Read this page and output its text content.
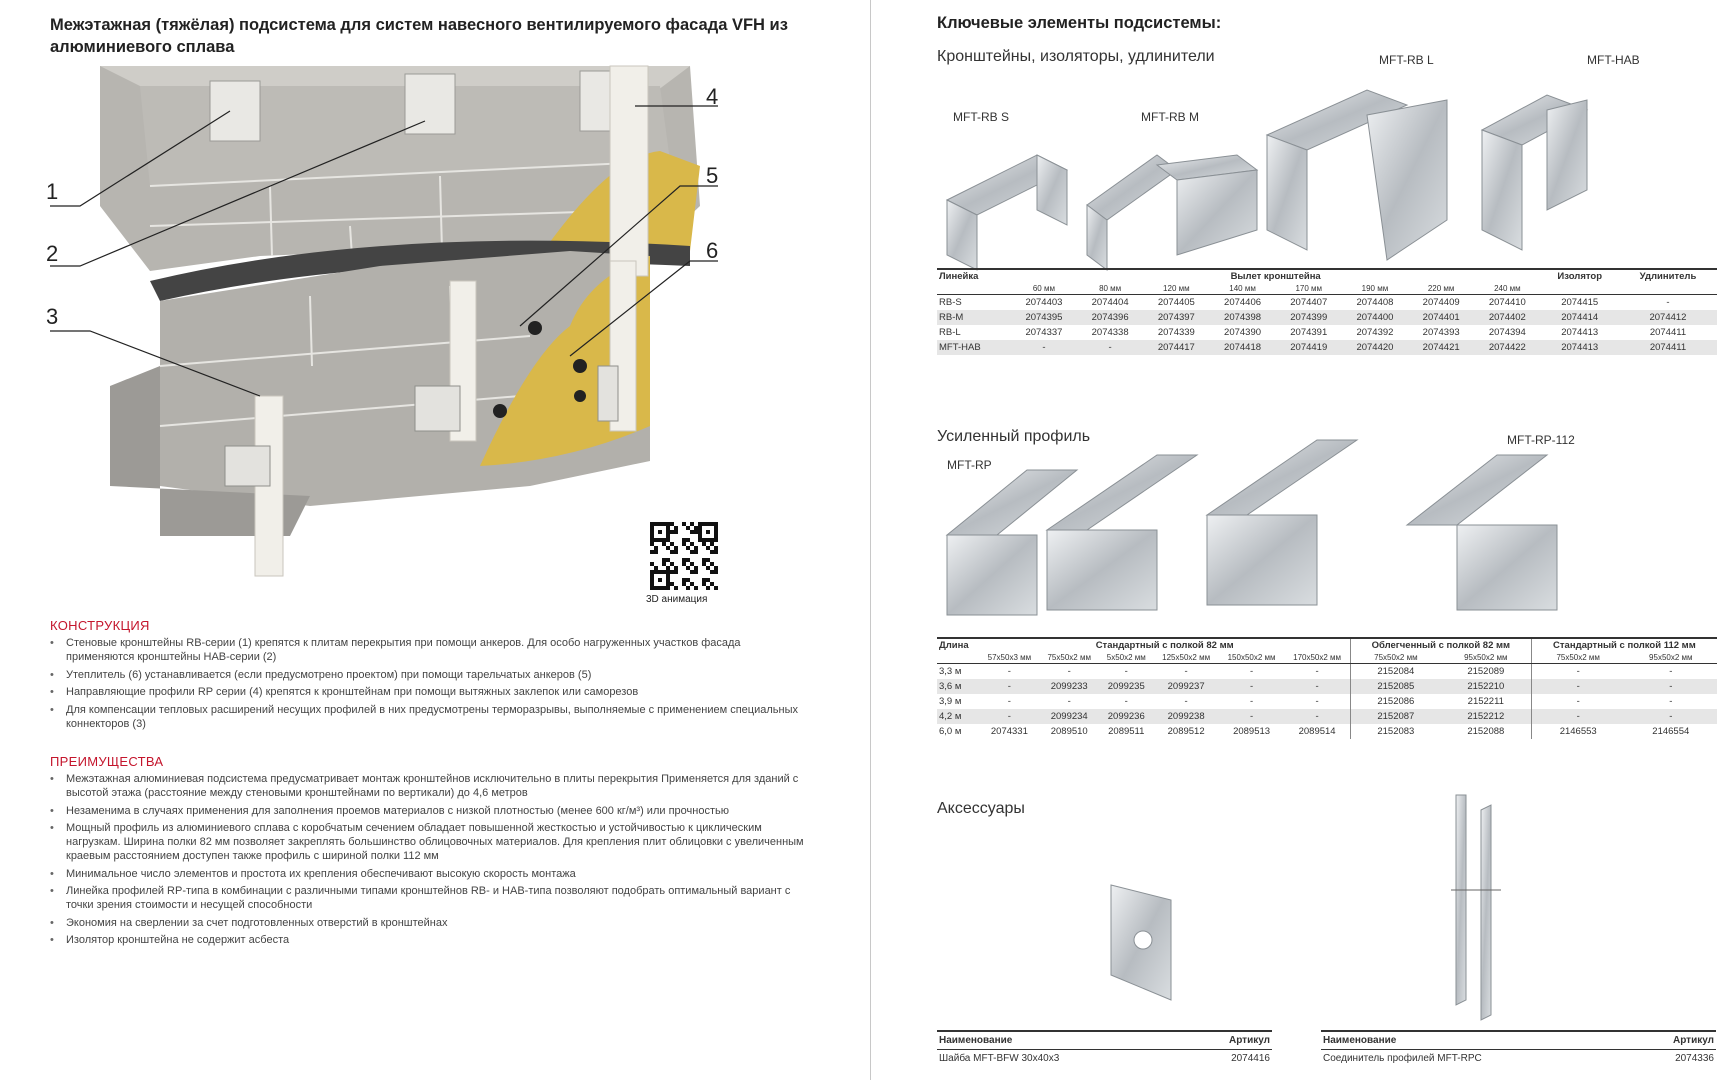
Межэтажная (тяжёлая) подсистема для систем навесного вентилируемого фасада VFH из алюминиевого сплава
1
2
3
4
5
6
3D анимация
КОНСТРУКЦИЯ
• Стеновые кронштейны RB-серии (1) крепятся к плитам перекрытия при помощи анкеров. Для особо нагруженных участков фасада применяются кронштейны HAB-серии (2)
• Утеплитель (6) устанавливается (если предусмотрено проектом) при помощи тарельчатых анкеров (5)
• Направляющие профили RP серии (4) крепятся к кронштейнам при помощи вытяжных заклепок или саморезов
• Для компенсации тепловых расширений несущих профилей в них предусмотрены терморазрывы, выполняемые с применением специальных коннекторов (3)
ПРЕИМУЩЕСТВА
• Межэтажная алюминиевая подсистема предусматривает монтаж кронштейнов исключительно в плиты перекрытия Применяется для зданий с высотой этажа (расстояние между стеновыми кронштейнами по вертикали) до 4,6 метров
• Незаменима в случаях применения для заполнения проемов материалов с низкой плотностью (менее 600 кг/м³) или прочностью
• Мощный профиль из алюминиевого сплава с коробчатым сечением обладает повышенной жесткостью и устойчивостью к циклическим нагрузкам. Ширина полки 82 мм позволяет закреплять большинство облицовочных материалов. Для крепления плит облицовки с увеличенным краевым расстоянием доступен также профиль с шириной полки 112 мм
• Минимальное число элементов и простота их крепления обеспечивают высокую скорость монтажа
• Линейка профилей RP-типа в комбинации с различными типами кронштейнов RB- и HAB-типа позволяют подобрать оптимальный вариант с точки зрения стоимости и несущей способности
• Экономия на сверлении за счет подготовленных отверстий в кронштейнах
• Изолятор кронштейна не содержит асбеста
Ключевые элементы подсистемы:
Кронштейны, изоляторы, удлинители
MFT-RB S	MFT-RB M
MFT-RB L	MFT-HAB
Линейка	Вылет кронштейна								Изолятор	Удлинитель
	60 мм	80 мм	120 мм	140 мм	170 мм	190 мм	220 мм	240 мм		
RB-S	2074403	2074404	2074405	2074406	2074407	2074408	2074409	2074410	2074415	-
RB-M	2074395	2074396	2074397	2074398	2074399	2074400	2074401	2074402	2074414	2074412
RB-L	2074337	2074338	2074339	2074390	2074391	2074392	2074393	2074394	2074413	2074411
MFT-HAB	-	-	2074417	2074418	2074419	2074420	2074421	2074422	2074413	2074411
Усиленный профиль
MFT-RP
MFT-RP-112
Длина	Стандартный с полкой 82 мм						Облегченный с полкой 82 мм		Стандартный с полкой 112 мм	
	57x50x3 мм	75x50x2 мм	5x50x2 мм	125x50x2 мм	150x50x2 мм	170x50x2 мм	75x50x2 мм	95x50x2 мм	75x50x2 мм	95x50x2 мм
3,3 м	-	-	-	-	-	-	2152084	2152089	-	-
3,6 м	-	2099233	2099235	2099237	-	-	2152085	2152210	-	-
3,9 м	-	-	-	-	-	-	2152086	2152211	-	-
4,2 м	-	2099234	2099236	2099238	-	-	2152087	2152212	-	-
6,0 м	2074331	2089510	2089511	2089512	2089513	2089514	2152083	2152088	2146553	2146554
Аксессуары
Наименование	Артикул
Шайба MFT-BFW 30x40x3	2074416
Наименование	Артикул
Соединитель профилей MFT-RPC	2074336
